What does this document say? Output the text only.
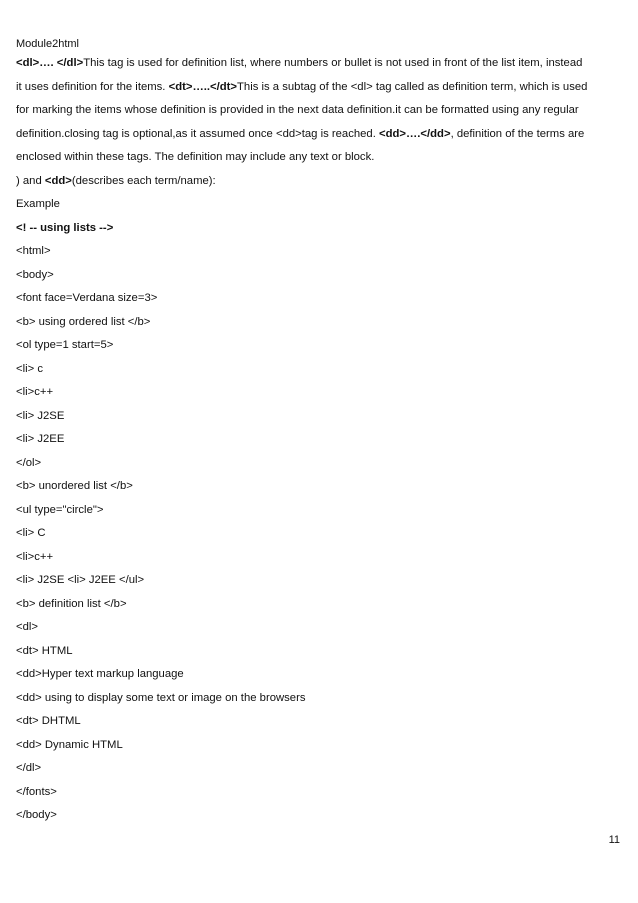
Module2html
<dl>…. </dl>This tag is used for definition list, where numbers or bullet is not used in front of the list item, instead
it uses definition for the items. <dt>…..</dt>This is a subtag of the <dl> tag called as definition term, which is used
for marking the items whose definition is provided in the next data definition.it can be formatted using any regular
definition.closing tag is optional,as it assumed once <dd>tag is reached. <dd>….</dd>, definition of the terms are
enclosed within these tags. The definition may include any text or block.
) and <dd>(describes each term/name):
Example
<! -- using lists -->
<html>
<body>
<font face=Verdana size=3>
<b> using ordered list </b>
<ol type=1 start=5>
<li> c
<li>c++
<li> J2SE
<li> J2EE
</ol>
<b> unordered list </b>
<ul type="circle">
<li> C
<li>c++
<li> J2SE <li> J2EE </ul>
<b> definition list </b>
<dl>
<dt> HTML
<dd>Hyper text markup language
<dd> using to display some text or image on the browsers
<dt> DHTML
<dd> Dynamic HTML
</dl>
</fonts>
</body>
11
